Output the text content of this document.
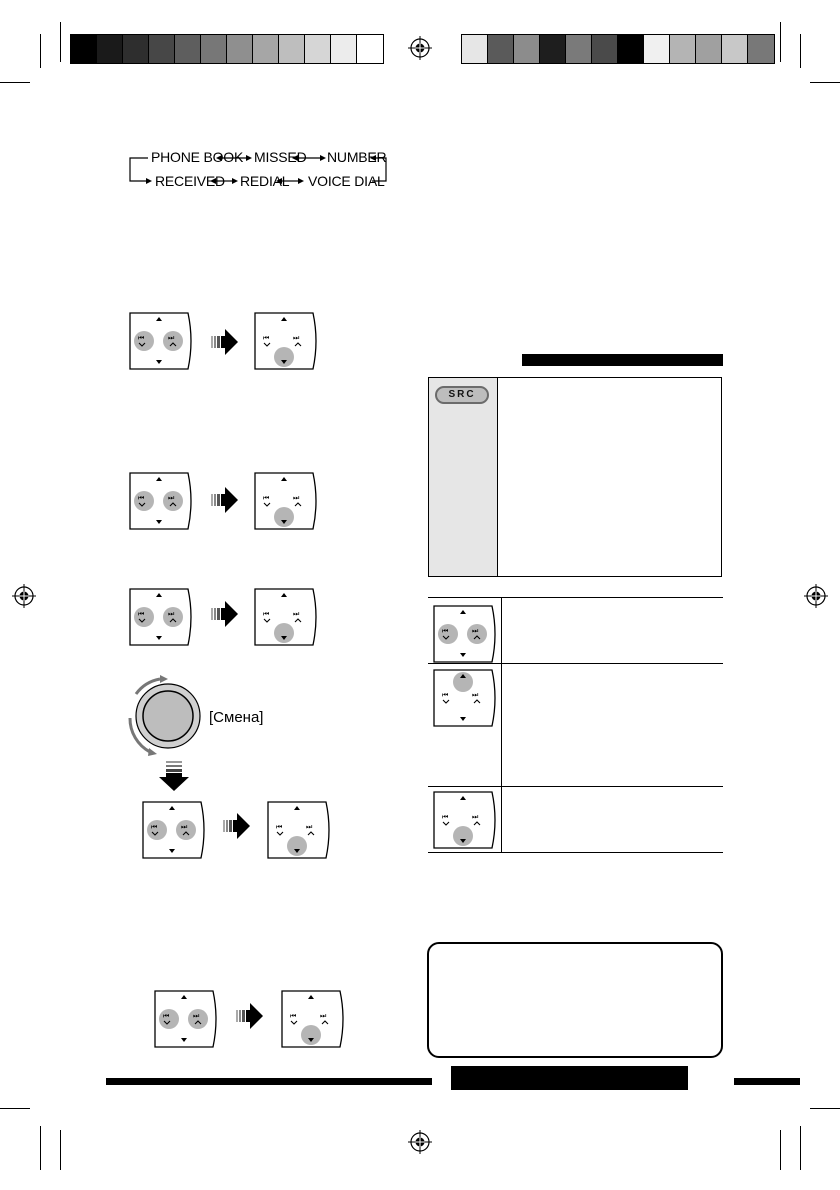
PHONE BOOK MISSED NUMBER
RECEIVED REDIAL VOICE DIAL
[Смена]
SRC
⏮	⏭	⏮	⏭
⏮	⏭	⏮	⏭
⏮	⏭	⏮	⏭
⏮	⏭	⏮	⏭
⏮	⏭	⏮	⏭
⏮	⏭
⏮	⏭
⏮	⏭
